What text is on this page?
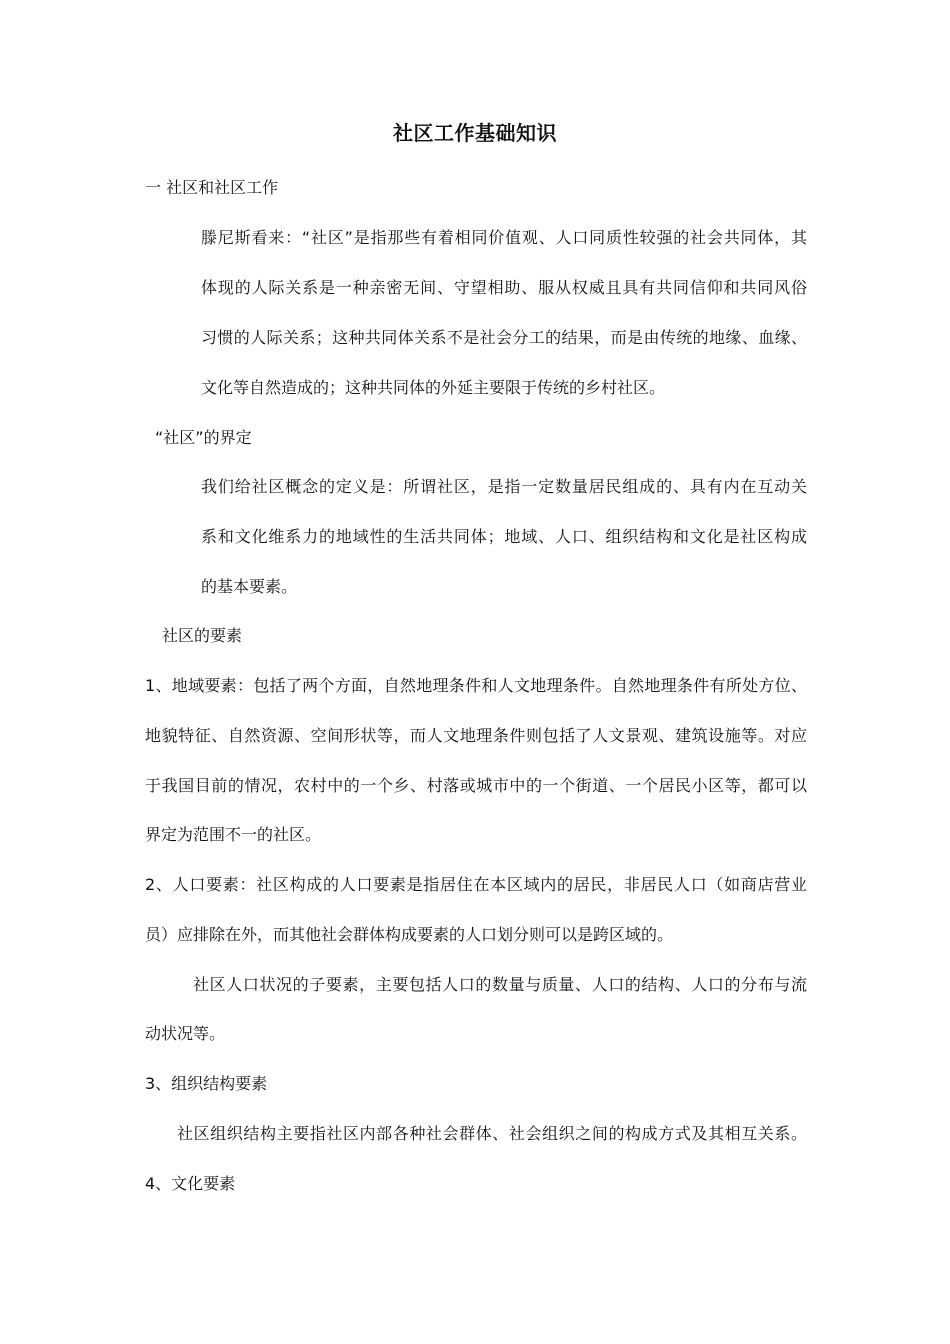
社区工作基础知识
一 社区和社区工作
滕尼斯看来：“社区”是指那些有着相同价值观、人口同质性较强的社会共同体，其
体现的人际关系是一种亲密无间、守望相助、服从权威且具有共同信仰和共同风俗
习惯的人际关系；这种共同体关系不是社会分工的结果，而是由传统的地缘、血缘、
文化等自然造成的；这种共同体的外延主要限于传统的乡村社区。
“社区”的界定
我们给社区概念的定义是：所谓社区，是指一定数量居民组成的、具有内在互动关
系和文化维系力的地域性的生活共同体；地域、人口、组织结构和文化是社区构成
的基本要素。
社区的要素
1、地域要素：包括了两个方面，自然地理条件和人文地理条件。自然地理条件有所处方位、
地貌特征、自然资源、空间形状等，而人文地理条件则包括了人文景观、建筑设施等。对应
于我国目前的情况，农村中的一个乡、村落或城市中的一个街道、一个居民小区等，都可以
界定为范围不一的社区。
2、人口要素：社区构成的人口要素是指居住在本区域内的居民，非居民人口（如商店营业
员）应排除在外，而其他社会群体构成要素的人口划分则可以是跨区域的。
社区人口状况的子要素，主要包括人口的数量与质量、人口的结构、人口的分布与流
动状况等。
3、组织结构要素
社区组织结构主要指社区内部各种社会群体、社会组织之间的构成方式及其相互关系。
4、文化要素
